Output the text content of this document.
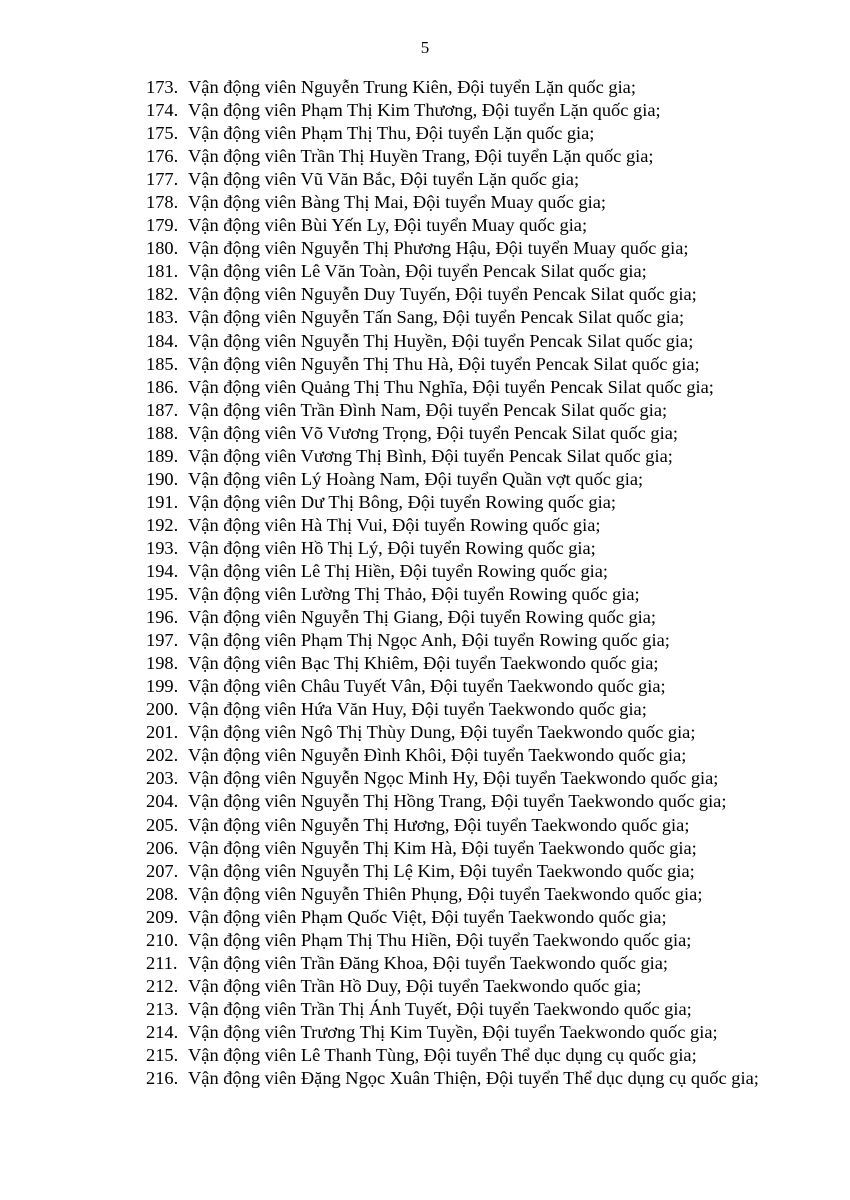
5
173. Vận động viên Nguyễn Trung Kiên, Đội tuyển Lặn quốc gia;
174. Vận động viên Phạm Thị Kim Thương, Đội tuyển Lặn quốc gia;
175. Vận động viên Phạm Thị Thu, Đội tuyển Lặn quốc gia;
176. Vận động viên Trần Thị Huyền Trang, Đội tuyển Lặn quốc gia;
177. Vận động viên Vũ Văn Bắc, Đội tuyển Lặn quốc gia;
178. Vận động viên Bàng Thị Mai, Đội tuyển Muay quốc gia;
179. Vận động viên Bùi Yến Ly, Đội tuyển Muay quốc gia;
180. Vận động viên Nguyễn Thị Phương Hậu, Đội tuyển Muay quốc gia;
181. Vận động viên Lê Văn Toàn, Đội tuyển Pencak Silat quốc gia;
182. Vận động viên Nguyễn Duy Tuyến, Đội tuyển Pencak Silat quốc gia;
183. Vận động viên Nguyễn Tấn Sang, Đội tuyển Pencak Silat quốc gia;
184. Vận động viên Nguyễn Thị Huyền, Đội tuyển Pencak Silat quốc gia;
185. Vận động viên Nguyễn Thị Thu Hà, Đội tuyển Pencak Silat quốc gia;
186. Vận động viên Quảng Thị Thu Nghĩa, Đội tuyển Pencak Silat quốc gia;
187. Vận động viên Trần Đình Nam, Đội tuyển Pencak Silat quốc gia;
188. Vận động viên Võ Vương Trọng, Đội tuyển Pencak Silat quốc gia;
189. Vận động viên Vương Thị Bình, Đội tuyển Pencak Silat quốc gia;
190. Vận động viên Lý Hoàng Nam, Đội tuyển Quần vợt quốc gia;
191. Vận động viên Dư Thị Bông, Đội tuyển Rowing quốc gia;
192. Vận động viên Hà Thị Vui, Đội tuyển Rowing quốc gia;
193. Vận động viên Hồ Thị Lý, Đội tuyển Rowing quốc gia;
194. Vận động viên Lê Thị Hiền, Đội tuyển Rowing quốc gia;
195. Vận động viên Lường Thị Thảo, Đội tuyển Rowing quốc gia;
196. Vận động viên Nguyễn Thị Giang, Đội tuyển Rowing quốc gia;
197. Vận động viên Phạm Thị Ngọc Anh, Đội tuyển Rowing quốc gia;
198. Vận động viên Bạc Thị Khiêm, Đội tuyển Taekwondo quốc gia;
199. Vận động viên Châu Tuyết Vân, Đội tuyển Taekwondo quốc gia;
200. Vận động viên Hứa Văn Huy, Đội tuyển Taekwondo quốc gia;
201. Vận động viên Ngô Thị Thùy Dung, Đội tuyển Taekwondo quốc gia;
202. Vận động viên Nguyễn Đình Khôi, Đội tuyển Taekwondo quốc gia;
203. Vận động viên Nguyễn Ngọc Minh Hy, Đội tuyển Taekwondo quốc gia;
204. Vận động viên Nguyễn Thị Hồng Trang, Đội tuyển Taekwondo quốc gia;
205. Vận động viên Nguyễn Thị Hương, Đội tuyển Taekwondo quốc gia;
206. Vận động viên Nguyễn Thị Kim Hà, Đội tuyển Taekwondo quốc gia;
207. Vận động viên Nguyễn Thị Lệ Kim, Đội tuyển Taekwondo quốc gia;
208. Vận động viên Nguyễn Thiên Phụng, Đội tuyển Taekwondo quốc gia;
209. Vận động viên Phạm Quốc Việt, Đội tuyển Taekwondo quốc gia;
210. Vận động viên Phạm Thị Thu Hiền, Đội tuyển Taekwondo quốc gia;
211. Vận động viên Trần Đăng Khoa, Đội tuyển Taekwondo quốc gia;
212. Vận động viên Trần Hồ Duy, Đội tuyển Taekwondo quốc gia;
213. Vận động viên Trần Thị Ánh Tuyết, Đội tuyển Taekwondo quốc gia;
214. Vận động viên Trương Thị Kim Tuyền, Đội tuyển Taekwondo quốc gia;
215. Vận động viên Lê Thanh Tùng, Đội tuyển Thể dục dụng cụ quốc gia;
216. Vận động viên Đặng Ngọc Xuân Thiện, Đội tuyển Thể dục dụng cụ quốc gia;
